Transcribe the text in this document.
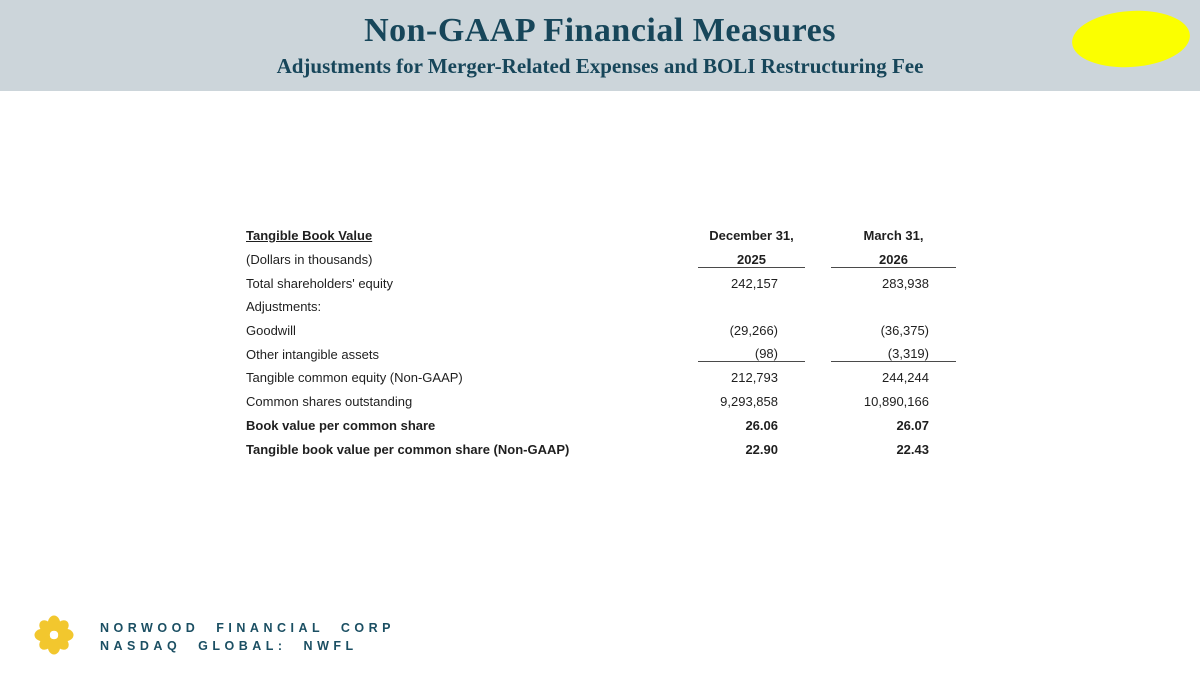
Non-GAAP Financial Measures
Adjustments for Merger-Related Expenses and BOLI Restructuring Fee
Tangible Book Value	December 31,	March 31,
(Dollars in thousands)	2025	2026
Total shareholders' equity	242,157	283,938
Adjustments:
Goodwill	(29,266)	(36,375)
Other intangible assets	(98)	(3,319)
Tangible common equity (Non-GAAP)	212,793	244,244
Common shares outstanding	9,293,858	10,890,166
Book value per common share	26.06	26.07
Tangible book value per common share (Non-GAAP)	22.90	22.43
NORWOOD FINANCIAL CORP
NASDAQ GLOBAL: NWFL
